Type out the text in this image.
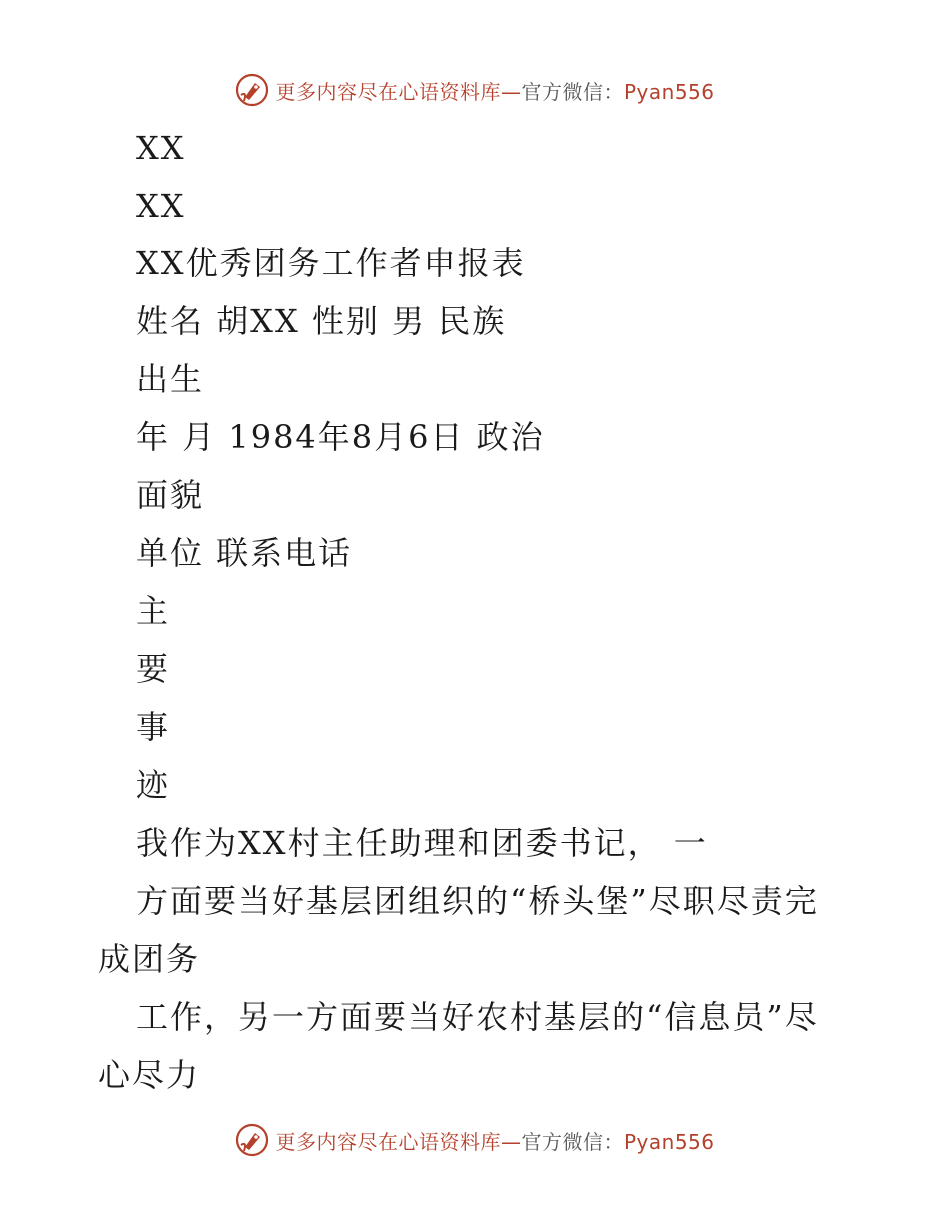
更多内容尽在心语资料库—官方微信：Pyan556
XX
XX
XX优秀团务工作者申报表
姓名 胡XX 性别 男 民族
出生
年 月 1984年8月6日 政治
面貌
单位 联系电话
主
要
事
迹
我作为XX村主任助理和团委书记， 一
方面要当好基层团组织的“桥头堡”尽职尽责完
成团务
工作，另一方面要当好农村基层的“信息员”尽
心尽力
更多内容尽在心语资料库—官方微信：Pyan556
